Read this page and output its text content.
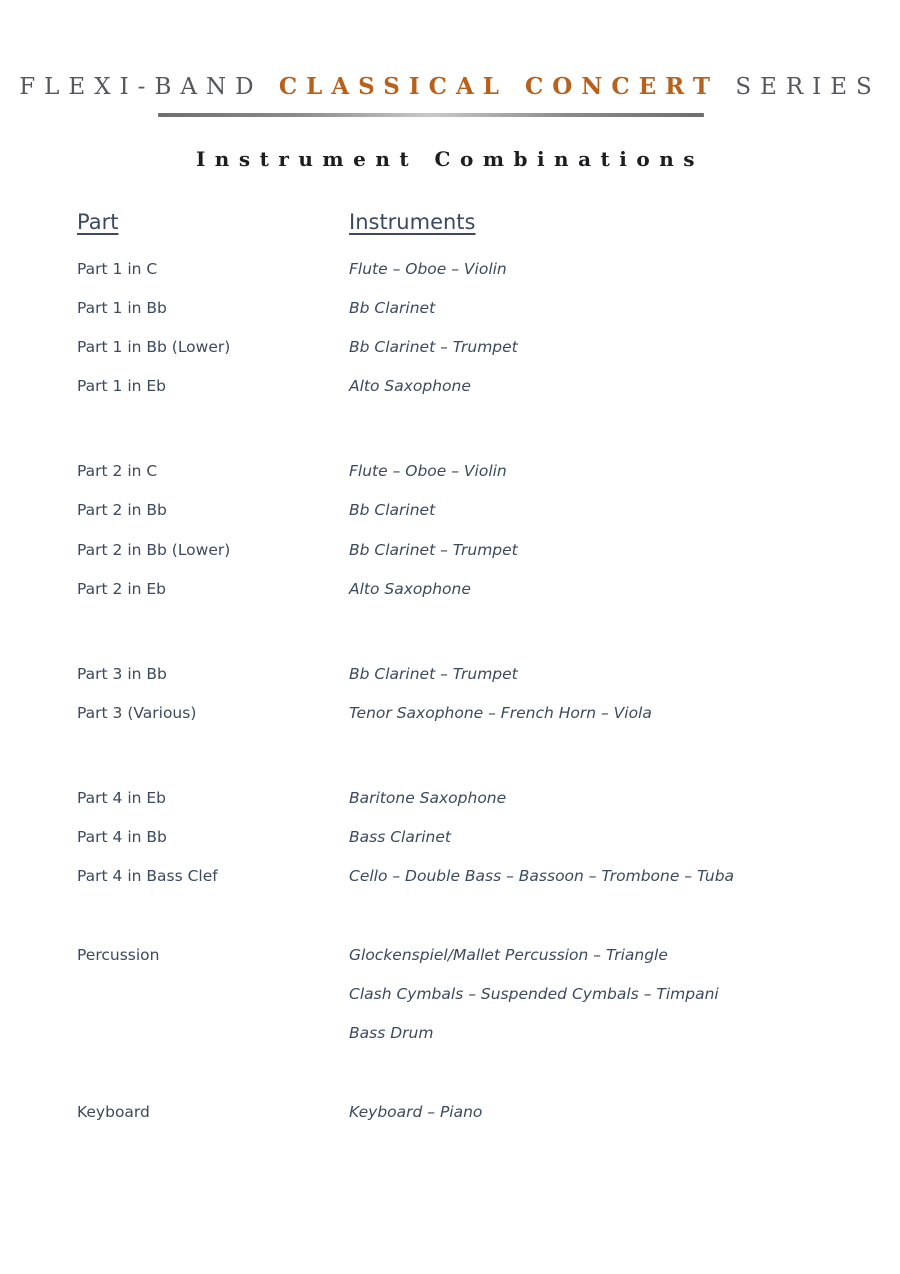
FLEXI-BAND CLASSICAL CONCERT SERIES
Instrument Combinations
Part	Instruments
Part 1 in C	Flute – Oboe – Violin
Part 1 in Bb	Bb Clarinet
Part 1 in Bb (Lower)	Bb Clarinet – Trumpet
Part 1 in Eb	Alto Saxophone
Part 2 in C	Flute – Oboe – Violin
Part 2 in Bb	Bb Clarinet
Part 2 in Bb (Lower)	Bb Clarinet – Trumpet
Part 2 in Eb	Alto Saxophone
Part 3 in Bb	Bb Clarinet – Trumpet
Part 3 (Various)	Tenor Saxophone – French Horn – Viola
Part 4 in Eb	Baritone Saxophone
Part 4 in Bb	Bass Clarinet
Part 4 in Bass Clef	Cello – Double Bass – Bassoon – Trombone – Tuba
Percussion	Glockenspiel/Mallet Percussion – Triangle
Clash Cymbals – Suspended Cymbals – Timpani
Bass Drum
Keyboard	Keyboard – Piano
